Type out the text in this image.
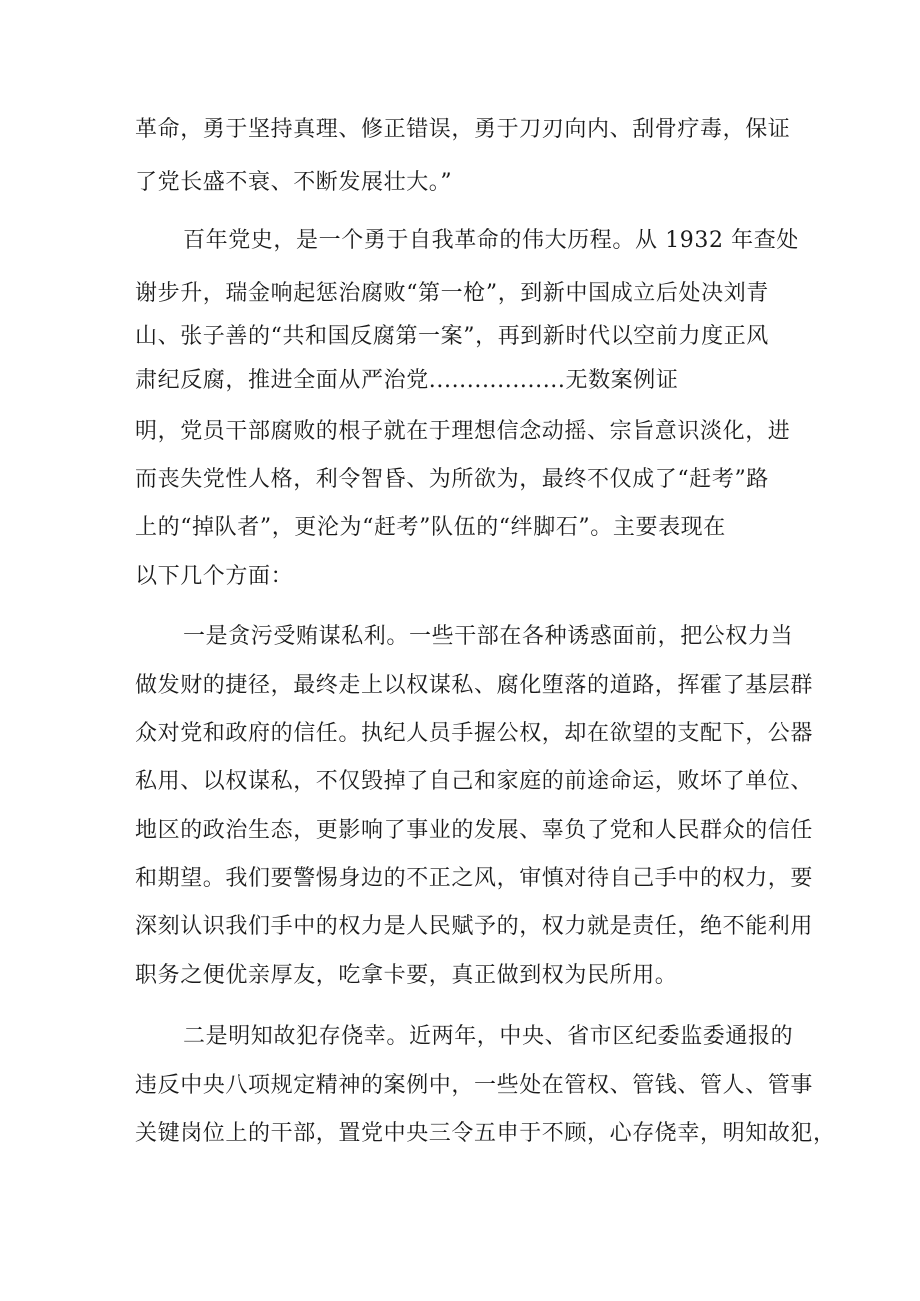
革命，勇于坚持真理、修正错误，勇于刀刃向内、刮骨疗毒，保证
了党长盛不衰、不断发展壮大。”
百年党史，是一个勇于自我革命的伟大历程。从 1932 年查处
谢步升，瑞金响起惩治腐败“第一枪”，到新中国成立后处决刘青
山、张子善的“共和国反腐第一案”，再到新时代以空前力度正风
肃纪反腐，推进全面从严治党..................无数案例证
明，党员干部腐败的根子就在于理想信念动摇、宗旨意识淡化，进
而丧失党性人格，利令智昏、为所欲为，最终不仅成了“赶考”路
上的“掉队者”，更沦为“赶考”队伍的“绊脚石”。主要表现在
以下几个方面：
一是贪污受贿谋私利。一些干部在各种诱惑面前，把公权力当
做发财的捷径，最终走上以权谋私、腐化堕落的道路，挥霍了基层群
众对党和政府的信任。执纪人员手握公权，却在欲望的支配下，公器
私用、以权谋私，不仅毁掉了自己和家庭的前途命运，败坏了单位、
地区的政治生态，更影响了事业的发展、辜负了党和人民群众的信任
和期望。我们要警惕身边的不正之风，审慎对待自己手中的权力，要
深刻认识我们手中的权力是人民赋予的，权力就是责任，绝不能利用
职务之便优亲厚友，吃拿卡要，真正做到权为民所用。
二是明知故犯存侥幸。近两年，中央、省市区纪委监委通报的
违反中央八项规定精神的案例中，一些处在管权、管钱、管人、管事
关键岗位上的干部，置党中央三令五申于不顾，心存侥幸，明知故犯，
